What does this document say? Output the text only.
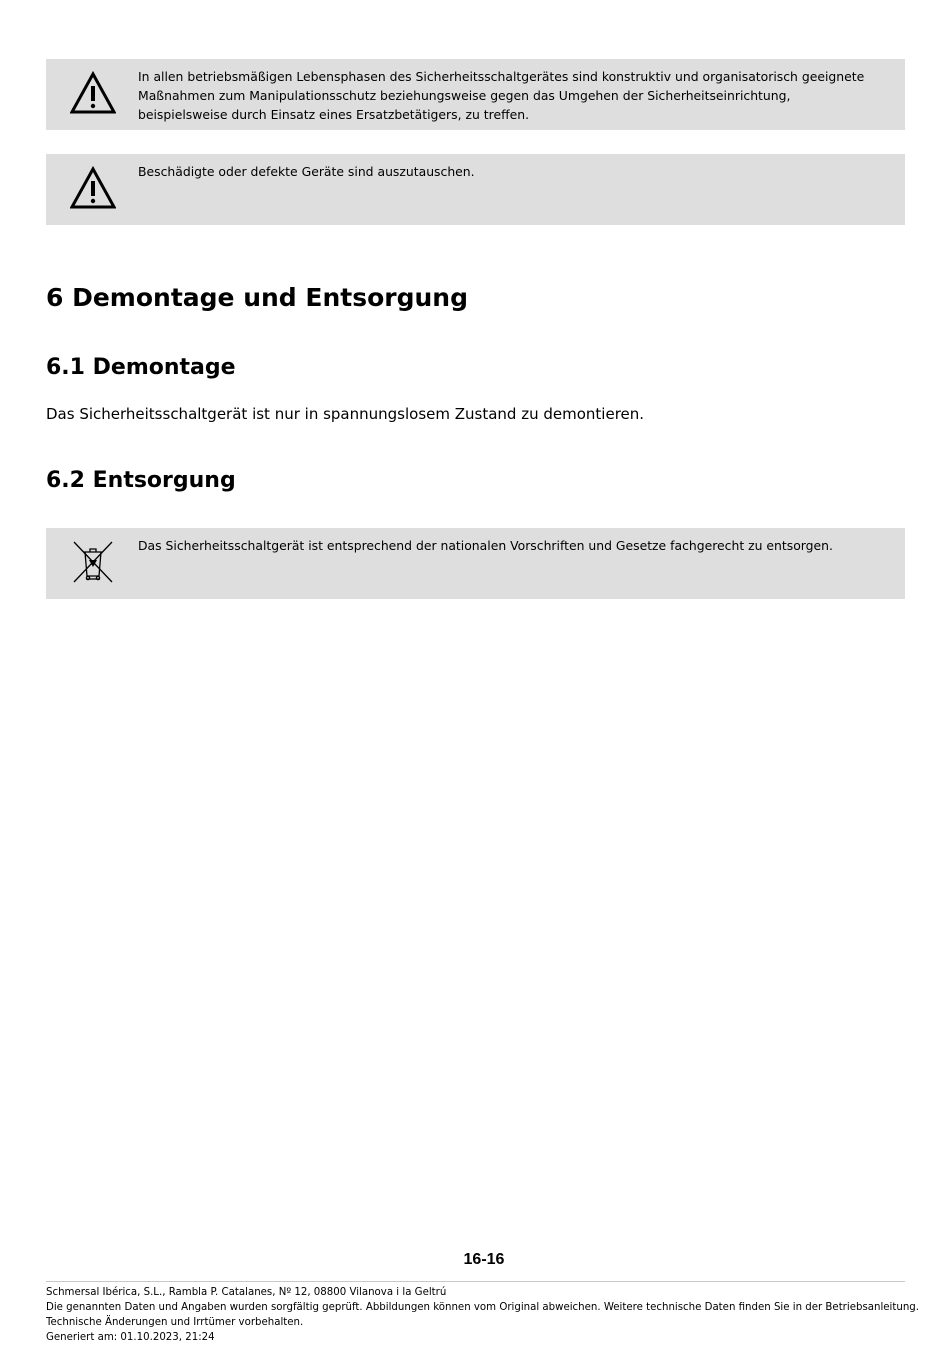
In allen betriebsmäßigen Lebensphasen des Sicherheitsschaltgerätes sind konstruktiv und organisatorisch geeignete Maßnahmen zum Manipulationsschutz beziehungsweise gegen das Umgehen der Sicherheitseinrichtung, beispielsweise durch Einsatz eines Ersatzbetätigers, zu treffen.
Beschädigte oder defekte Geräte sind auszutauschen.
6 Demontage und Entsorgung
6.1 Demontage

Das Sicherheitsschaltgerät ist nur in spannungslosem Zustand zu demontieren.

6.2 Entsorgung
Das Sicherheitsschaltgerät ist entsprechend der nationalen Vorschriften und Gesetze fachgerecht zu entsorgen.
16-16
Schmersal Ibérica, S.L., Rambla P. Catalanes, Nº 12, 08800 Vilanova i la Geltrú
Die genannten Daten und Angaben wurden sorgfältig geprüft. Abbildungen können vom Original abweichen. Weitere technische Daten finden Sie in der Betriebsanleitung.
Technische Änderungen und Irrtümer vorbehalten.
Generiert am: 01.10.2023, 21:24
